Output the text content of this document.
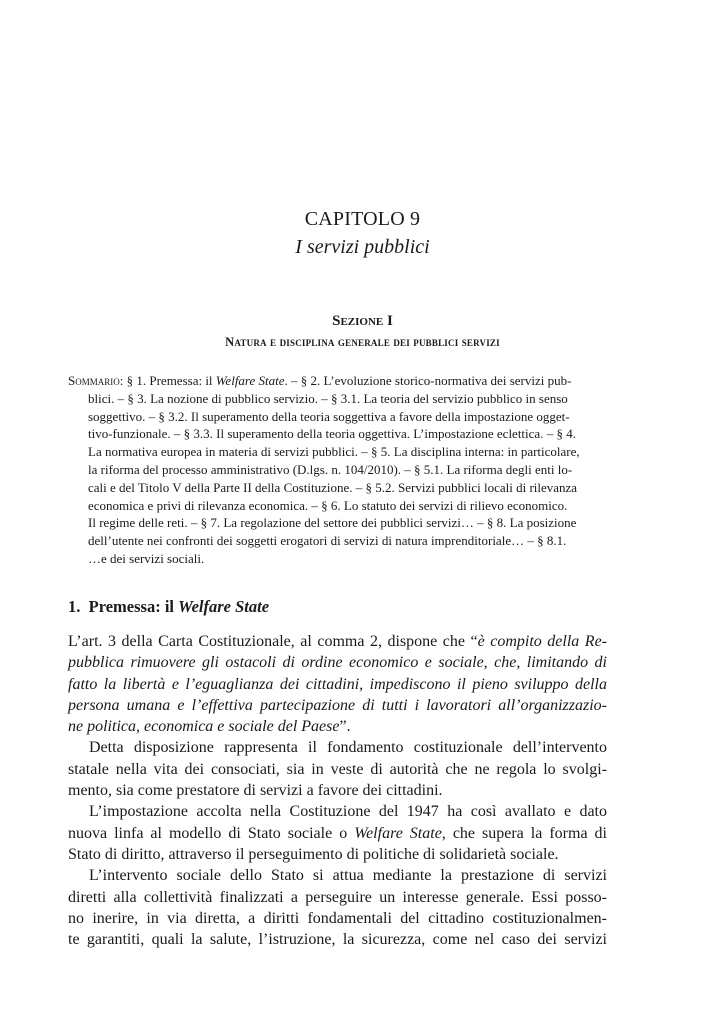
CAPITOLO 9
I servizi pubblici
Sezione I
Natura e disciplina generale dei pubblici servizi
Sommario: § 1. Premessa: il Welfare State. – § 2. L’evoluzione storico-normativa dei servizi pub-
blici. – § 3. La nozione di pubblico servizio. – § 3.1. La teoria del servizio pubblico in senso
soggettivo. – § 3.2. Il superamento della teoria soggettiva a favore della impostazione ogget-
tivo-funzionale. – § 3.3. Il superamento della teoria oggettiva. L’impostazione eclettica. – § 4.
La normativa europea in materia di servizi pubblici. – § 5. La disciplina interna: in particolare,
la riforma del processo amministrativo (D.lgs. n. 104/2010). – § 5.1. La riforma degli enti lo-
cali e del Titolo V della Parte II della Costituzione. – § 5.2. Servizi pubblici locali di rilevanza
economica e privi di rilevanza economica. – § 6. Lo statuto dei servizi di rilievo economico.
Il regime delle reti. – § 7. La regolazione del settore dei pubblici servizi… – § 8. La posizione
dell’utente nei confronti dei soggetti erogatori di servizi di natura imprenditoriale… – § 8.1.
…e dei servizi sociali.
1. Premessa: il Welfare State
L’art. 3 della Carta Costituzionale, al comma 2, dispone che “è compito della Re-
pubblica rimuovere gli ostacoli di ordine economico e sociale, che, limitando di
fatto la libertà e l’eguaglianza dei cittadini, impediscono il pieno sviluppo della
persona umana e l’effettiva partecipazione di tutti i lavoratori all’organizzazio-
ne politica, economica e sociale del Paese”.
Detta disposizione rappresenta il fondamento costituzionale dell’intervento
statale nella vita dei consociati, sia in veste di autorità che ne regola lo svolgi-
mento, sia come prestatore di servizi a favore dei cittadini.
L’impostazione accolta nella Costituzione del 1947 ha così avallato e dato
nuova linfa al modello di Stato sociale o Welfare State, che supera la forma di
Stato di diritto, attraverso il perseguimento di politiche di solidarietà sociale.
L’intervento sociale dello Stato si attua mediante la prestazione di servizi
diretti alla collettività finalizzati a perseguire un interesse generale. Essi posso-
no inerire, in via diretta, a diritti fondamentali del cittadino costituzionalmen-
te garantiti, quali la salute, l’istruzione, la sicurezza, come nel caso dei servizi
